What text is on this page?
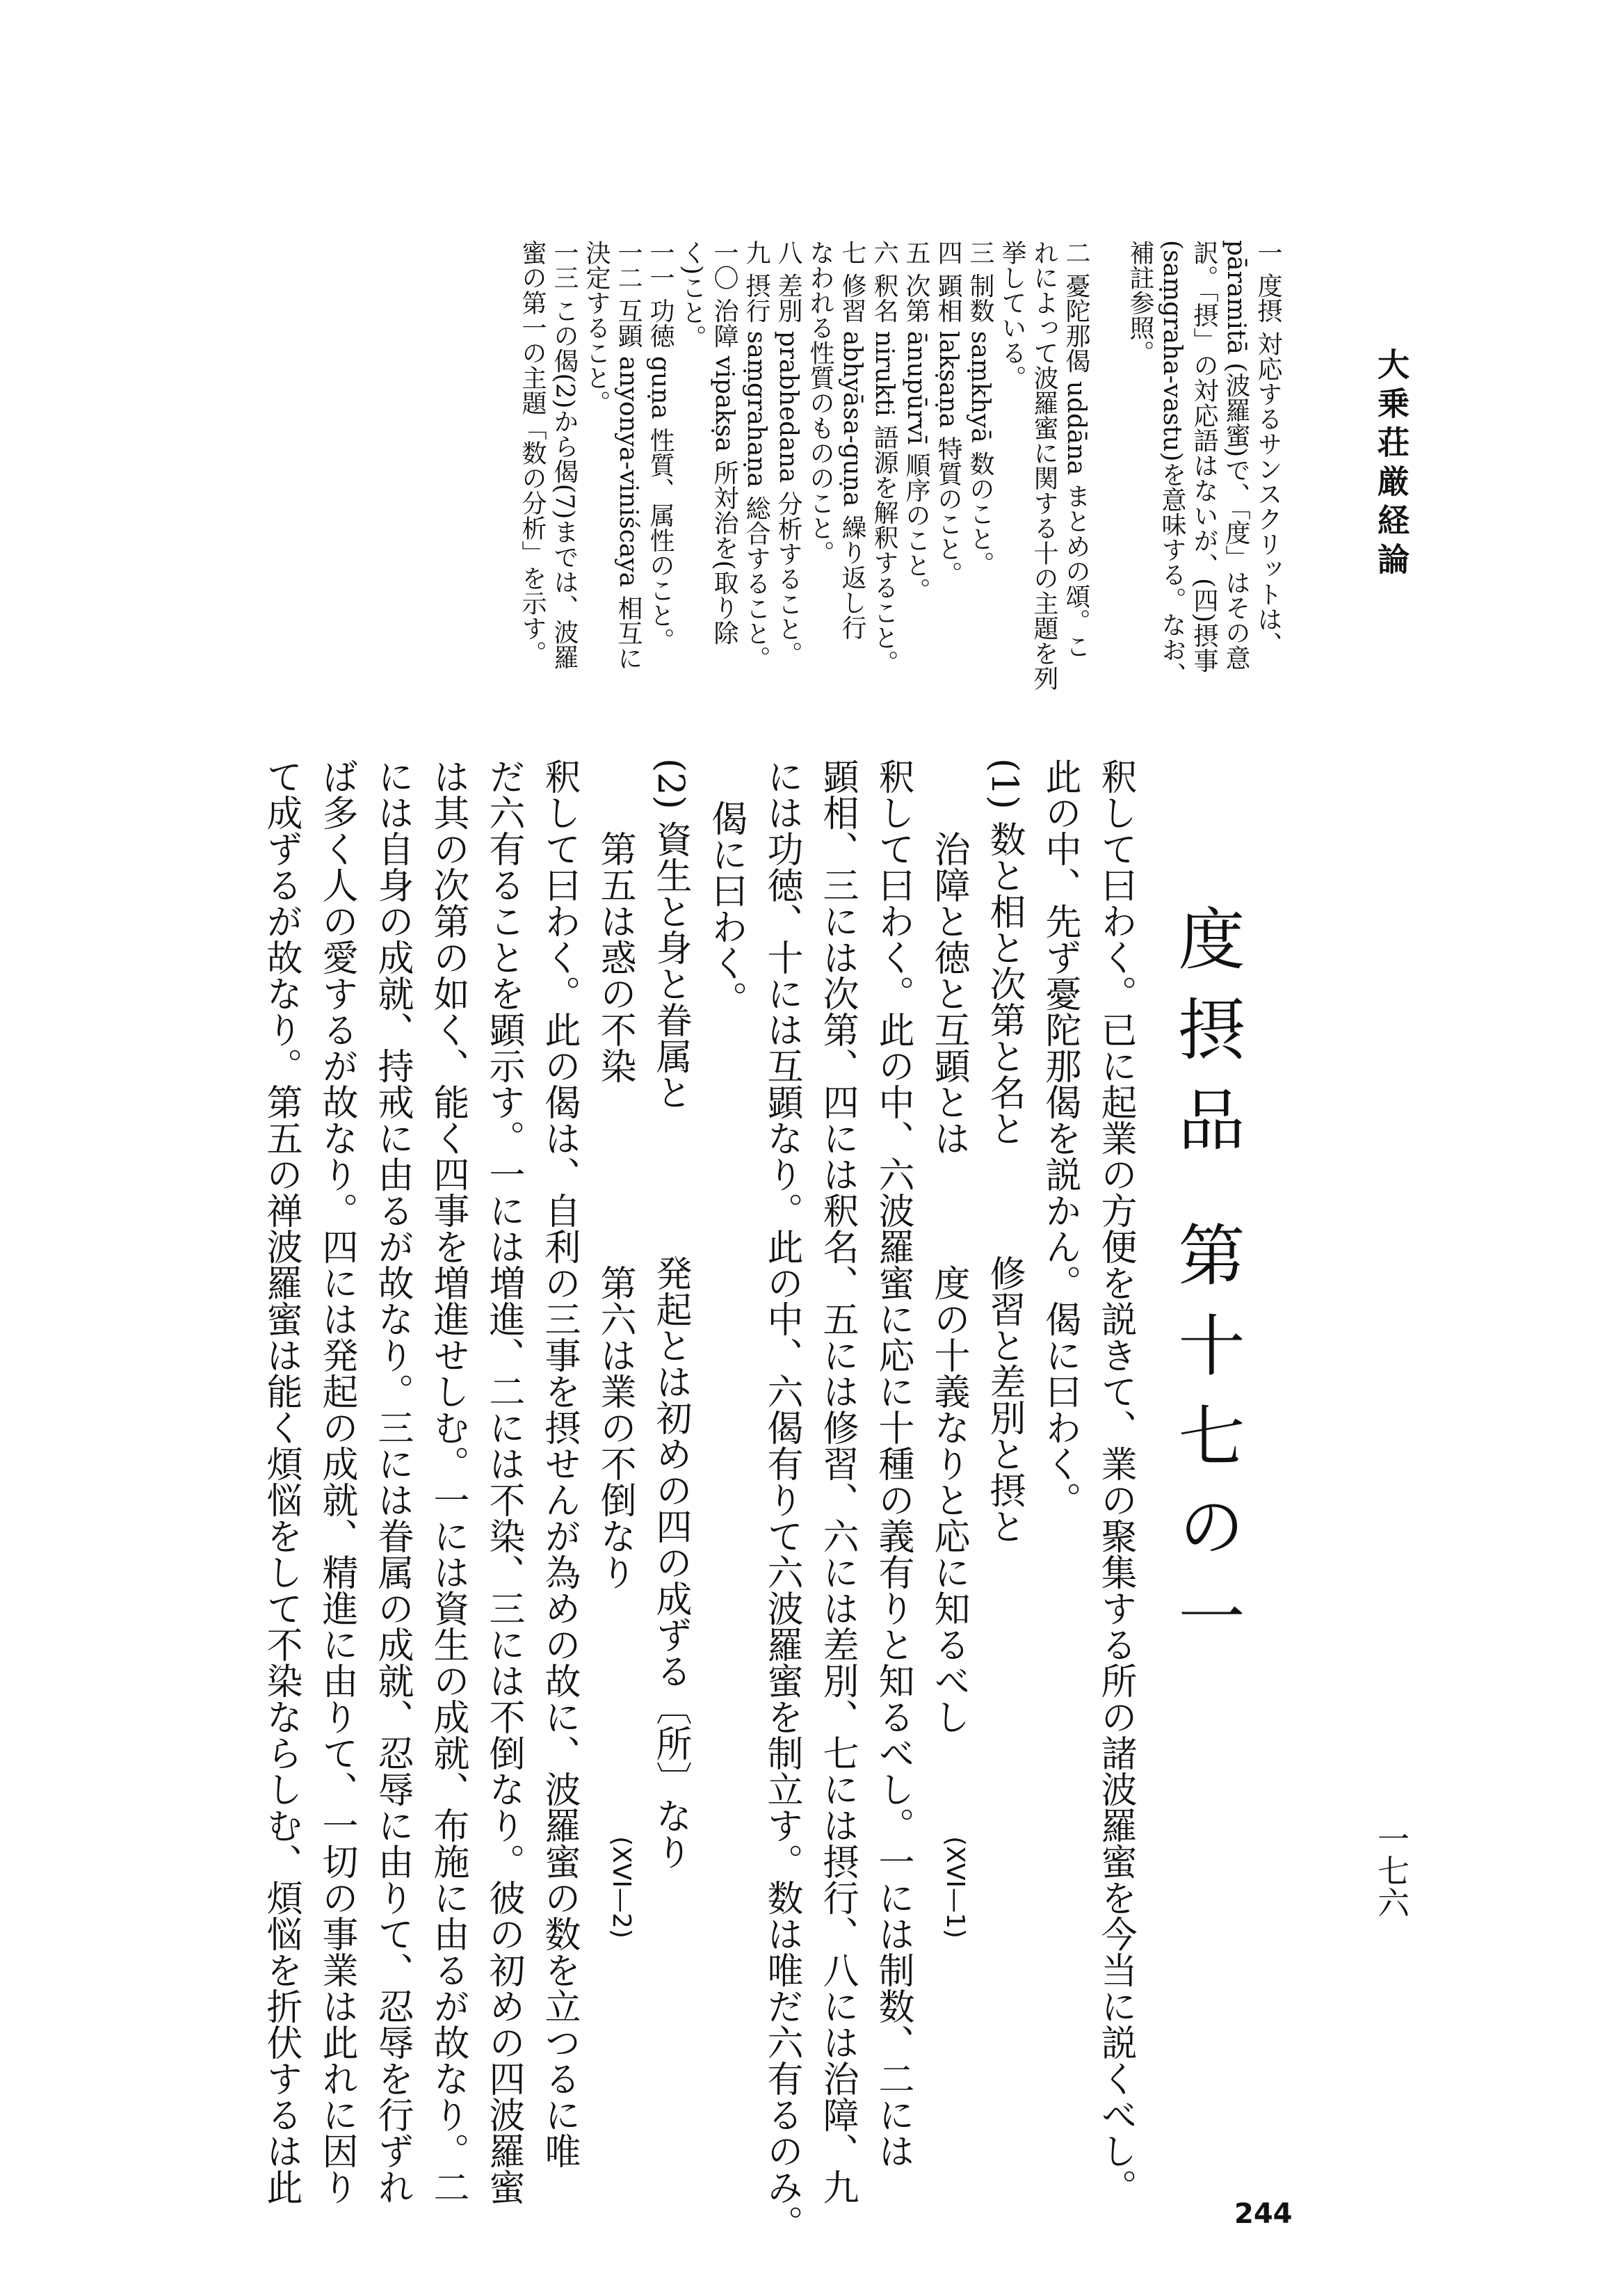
大乗荘厳経論
一七六
244
一 度摂 対応するサンスクリットは、
pāramitā (波羅蜜)で、「度」はその意
訳。「摂」の対応語はないが、(四)摂事
(saṃgraha-vastu)を意味する。なお、
補註参照。
二 憂陀那偈 uddāna まとめの頌。こ
れによって波羅蜜に関する十の主題を列
挙している。
三 制数 saṃkhyā 数のこと。
四 顕相 lakṣaṇa 特質のこと。
五 次第 ānupūrvī 順序のこと。
六 釈名 nirukti 語源を解釈すること。
七 修習 abhyāsa-guṇa 繰り返し行
なわれる性質のもののこと。
八 差別 prabhedana 分析すること。
九 摂行 saṃgrahaṇa 総合すること。
一〇 治障 vipakṣa 所対治を(取り除
く)こと。
一一 功徳 guṇa 性質、属性のこと。
一二 互顕 anyonya-viniścaya 相互に
決定すること。
一三 この偈(2)から偈(7)までは、波羅
蜜の第一の主題「数の分析」を示す。
度摂品 第十七の一
釈して曰わく。已に起業の方便を説きて、業の聚集する所の諸波羅蜜を今当に説くべし。
此の中、先ず憂陀那偈を説かん。偈に曰わく。
(1) 数と相と次第と名と　　　修習と差別と摂と
　　治障と徳と互顕とは　　　度の十義なりと応に知るべし
釈して曰わく。此の中、六波羅蜜に応に十種の義有りと知るべし。一には制数、二には
顕相、三には次第、四には釈名、五には修習、六には差別、七には摂行、八には治障、九
には功徳、十には互顕なり。此の中、六偈有りて六波羅蜜を制立す。数は唯だ六有るのみ。
偈に曰わく。
(2) 資生と身と眷属と　　　　発起とは初めの四の成ずる〔所〕なり
　　第五は惑の不染　　　　　第六は業の不倒なり
釈して曰わく。此の偈は、自利の三事を摂せんが為めの故に、波羅蜜の数を立つるに唯
だ六有ることを顕示す。一には増進、二には不染、三には不倒なり。彼の初めの四波羅蜜
は其の次第の如く、能く四事を増進せしむ。一には資生の成就、布施に由るが故なり。二
には自身の成就、持戒に由るが故なり。三には眷属の成就、忍辱に由りて、忍辱を行ずれ
ば多く人の愛するが故なり。四には発起の成就、精進に由りて、一切の事業は此れに因り
て成ずるが故なり。第五の禅波羅蜜は能く煩悩をして不染ならしむ、煩悩を折伏するは此	(XVI—1)
(XVI—2)
